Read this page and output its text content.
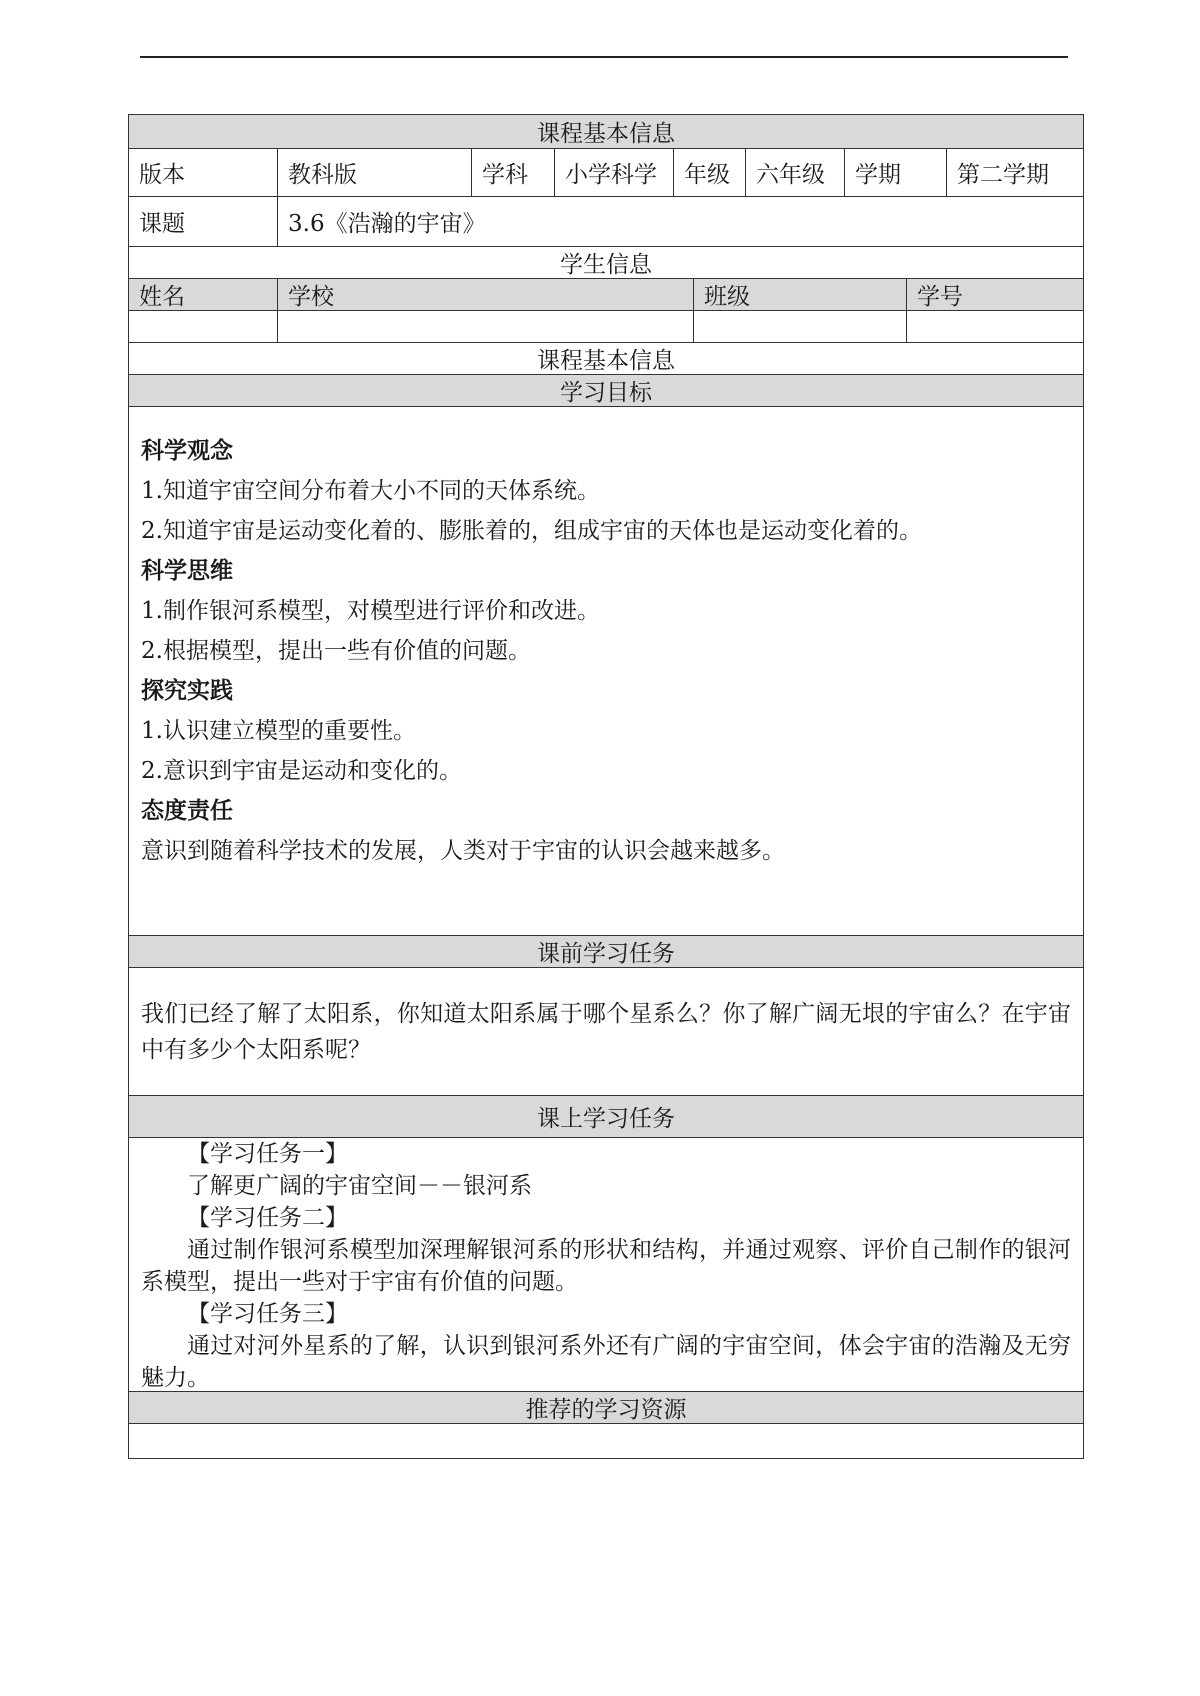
课程基本信息
版本	教科版	学科	小学科学	年级	六年级	学期	第二学期
课题	3.6《浩瀚的宇宙》
学生信息
姓名	学校	班级	学号
课程基本信息
学习目标
科学观念
1.知道宇宙空间分布着大小不同的天体系统。
2.知道宇宙是运动变化着的、膨胀着的，组成宇宙的天体也是运动变化着的。
科学思维
1.制作银河系模型，对模型进行评价和改进。
2.根据模型，提出一些有价值的问题。
探究实践
1.认识建立模型的重要性。
2.意识到宇宙是运动和变化的。
态度责任
意识到随着科学技术的发展，人类对于宇宙的认识会越来越多。
课前学习任务
我们已经了解了太阳系，你知道太阳系属于哪个星系么？你了解广阔无垠的宇宙么？在宇宙中有多少个太阳系呢？
课上学习任务
【学习任务一】
了解更广阔的宇宙空间－－银河系
【学习任务二】
通过制作银河系模型加深理解银河系的形状和结构，并通过观察、评价自己制作的银河系模型，提出一些对于宇宙有价值的问题。
【学习任务三】
通过对河外星系的了解，认识到银河系外还有广阔的宇宙空间，体会宇宙的浩瀚及无穷魅力。
推荐的学习资源
